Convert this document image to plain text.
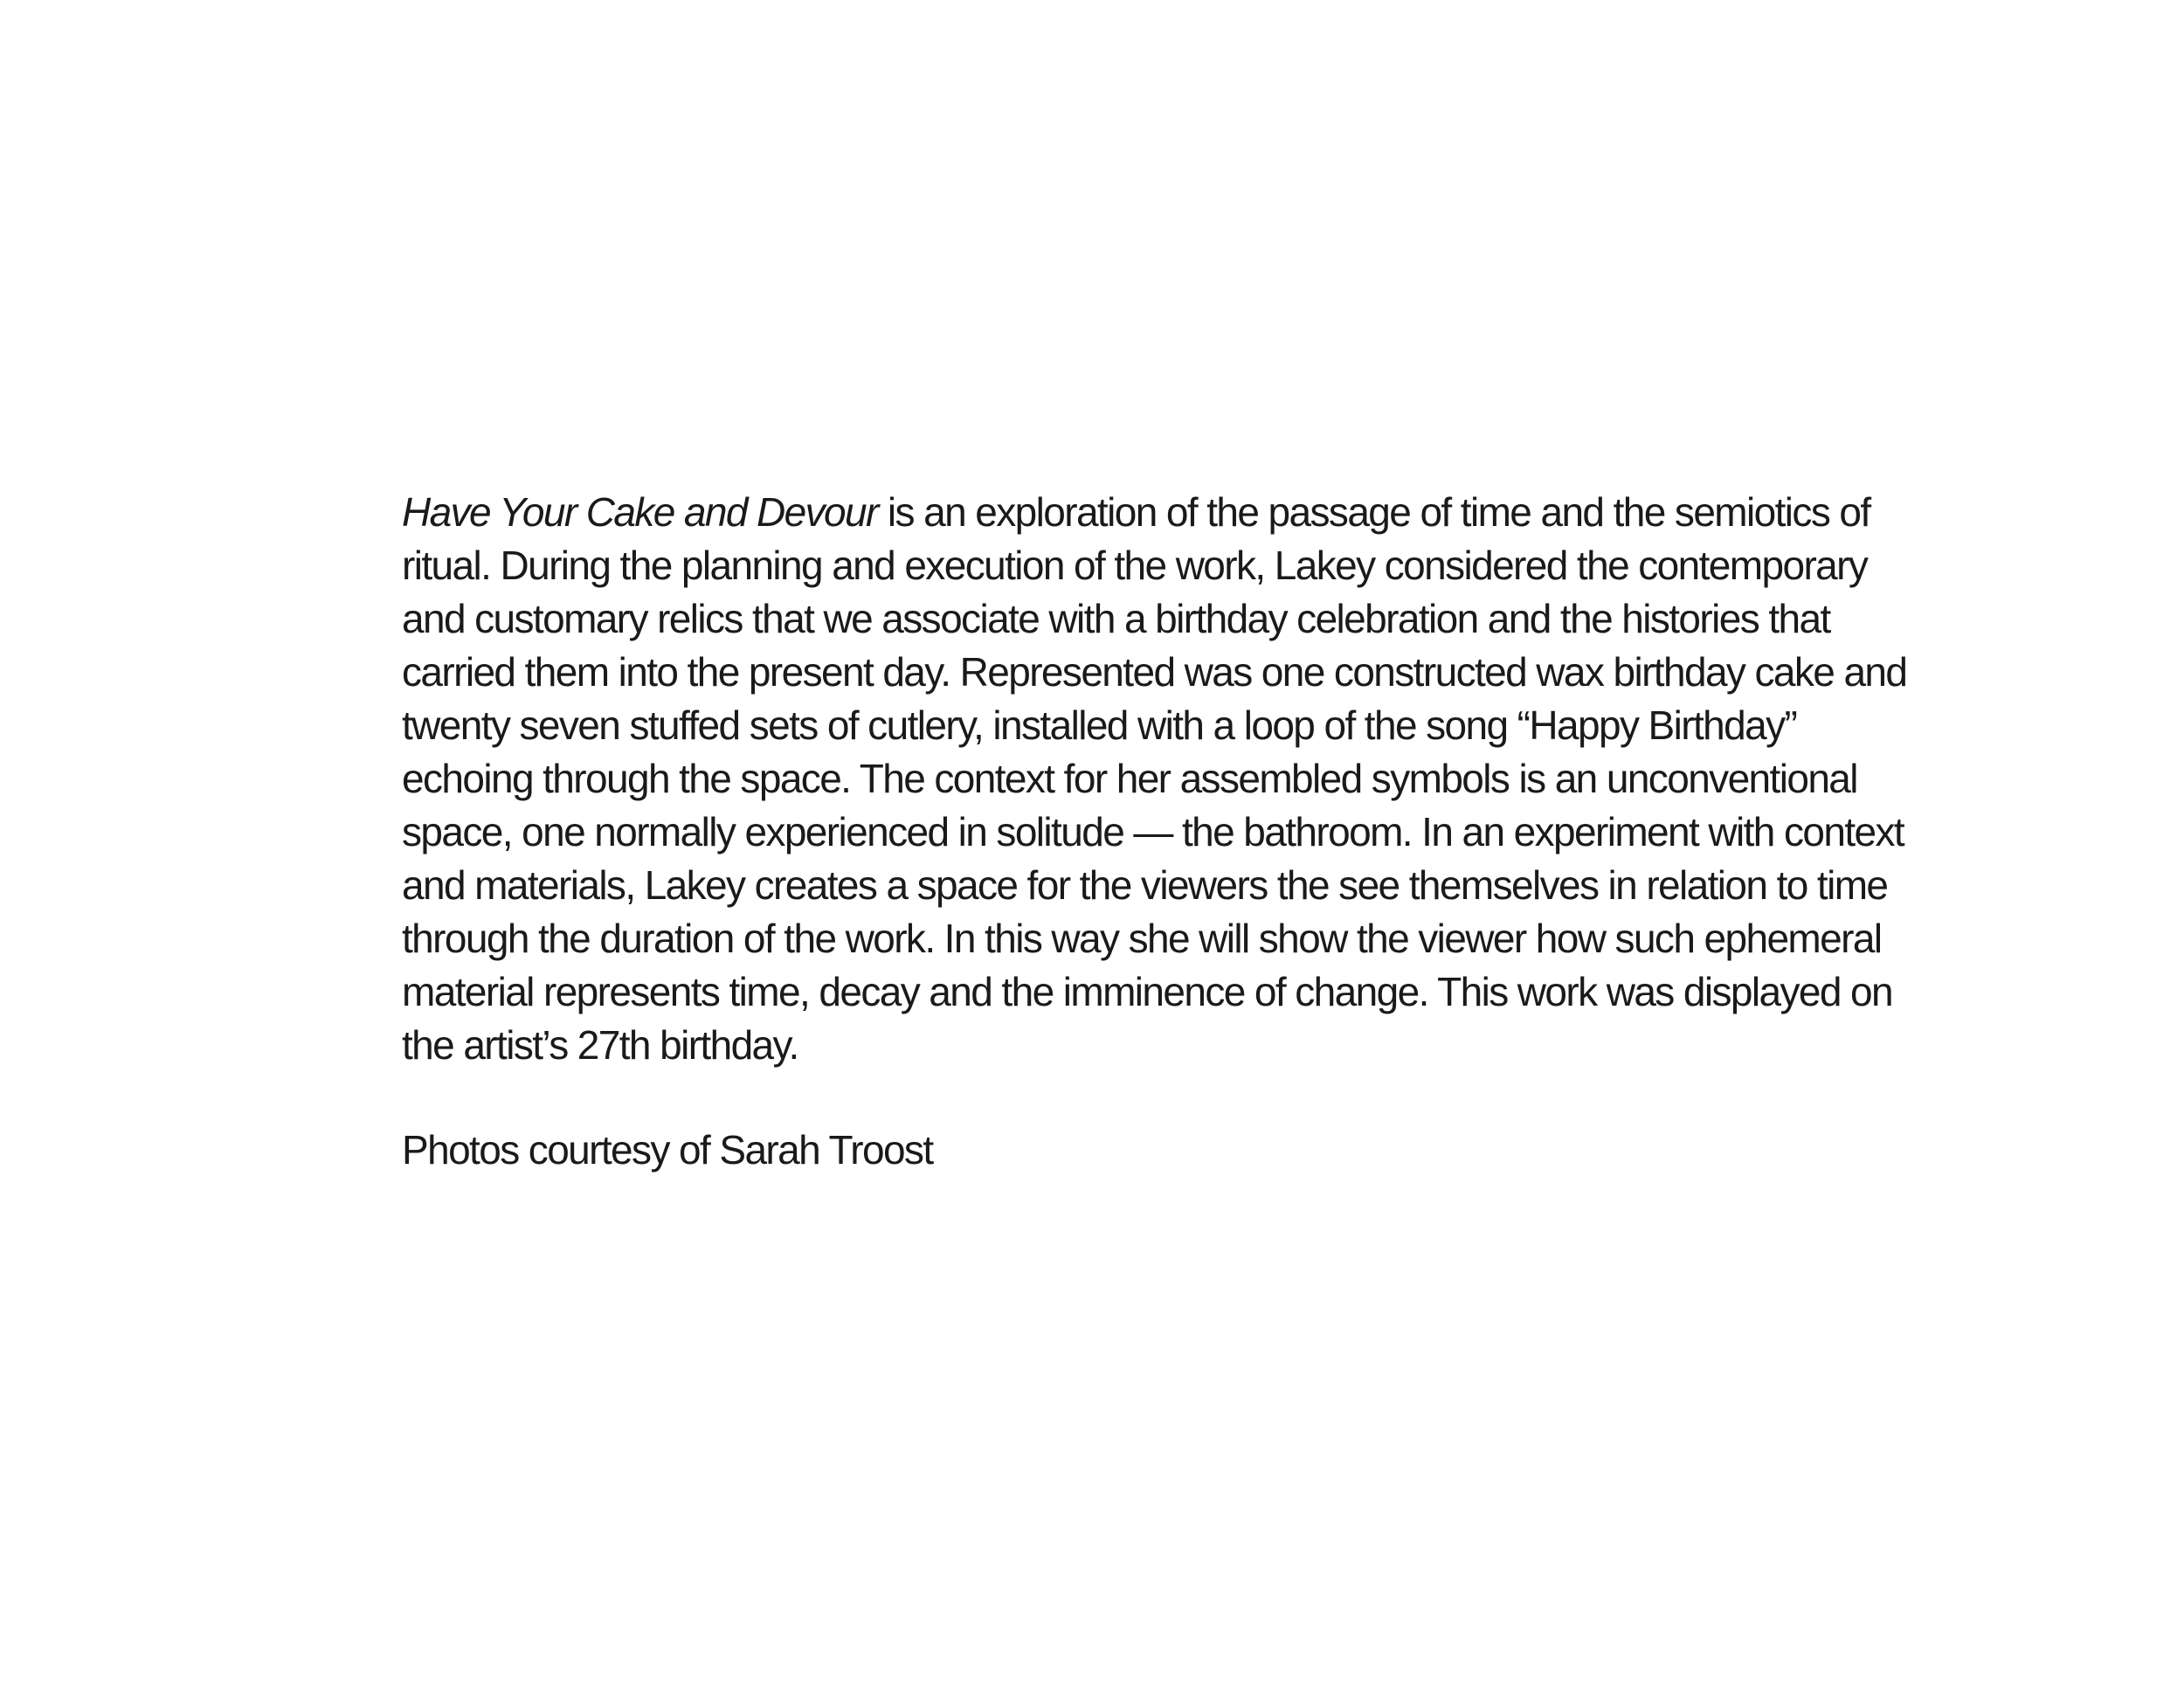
Have Your Cake and Devour is an exploration of the passage of time and the semiotics of
ritual. During the planning and execution of the work, Lakey considered the contemporary
and customary relics that we associate with a birthday celebration and the histories that
carried them into the present day. Represented was one constructed wax birthday cake and
twenty seven stuffed sets of cutlery, installed with a loop of the song “Happy Birthday”
echoing through the space. The context for her assembled symbols is an unconventional
space, one normally experienced in solitude — the bathroom. In an experiment with context
and materials, Lakey creates a space for the viewers the see themselves in relation to time
through the duration of the work. In this way she will show the viewer how such ephemeral
material represents time, decay and the imminence of change. This work was displayed on
the artist’s 27th birthday.
Photos courtesy of Sarah Troost
